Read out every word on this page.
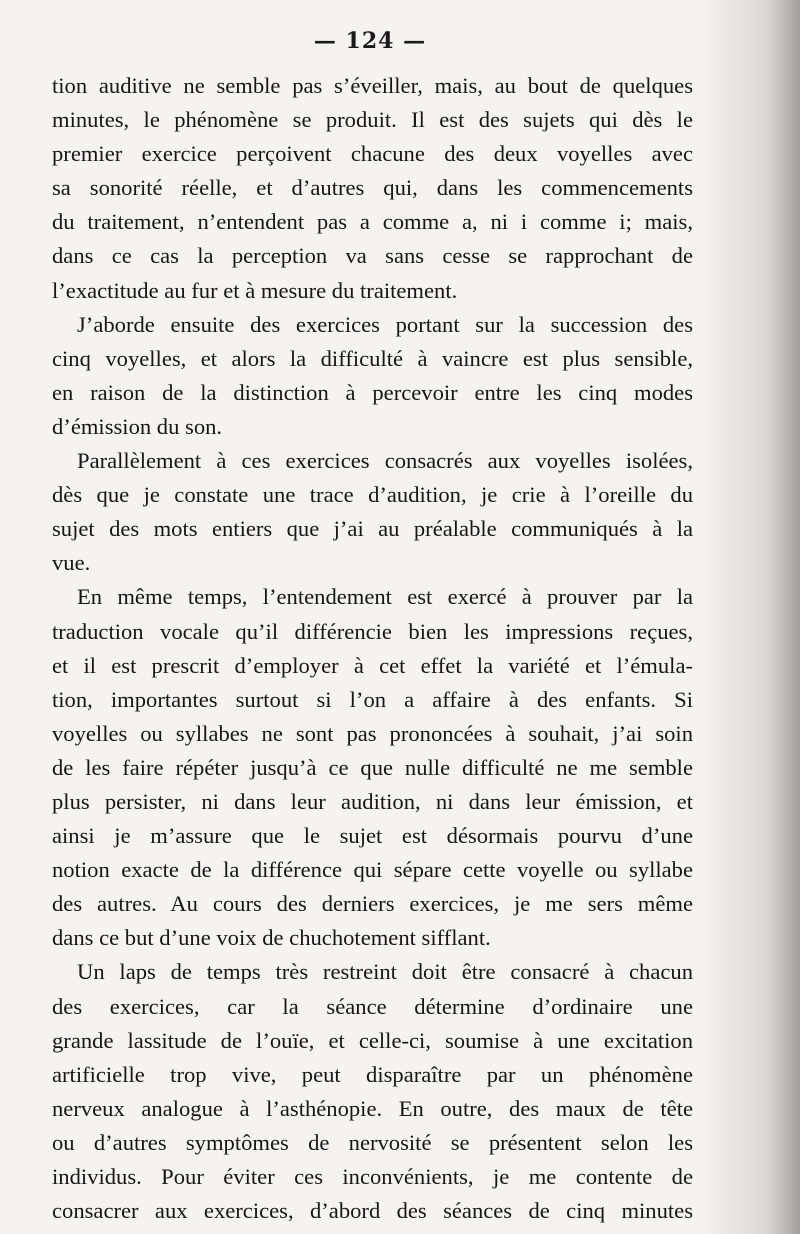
— 124 —

tion auditive ne semble pas s’éveiller, mais, au bout de quelques

minutes, le phénomène se produit. Il est des sujets qui dès le

premier exercice perçoivent chacune des deux voyelles avec

sa sonorité réelle, et d’autres qui, dans les commencements

du traitement, n’entendent pas a comme a, ni i comme i; mais,

dans ce cas la perception va sans cesse se rapprochant de

l’exactitude au fur et à mesure du traitement.

J’aborde ensuite des exercices portant sur la succession des

cinq voyelles, et alors la difficulté à vaincre est plus sensible,

en raison de la distinction à percevoir entre les cinq modes

d’émission du son.

Parallèlement à ces exercices consacrés aux voyelles isolées,

dès que je constate une trace d’audition, je crie à l’oreille du

sujet des mots entiers que j’ai au préalable communiqués à la

vue.

En même temps, l’entendement est exercé à prouver par la

traduction vocale qu’il différencie bien les impressions reçues,

et il est prescrit d’employer à cet effet la variété et l’émula-

tion, importantes surtout si l’on a affaire à des enfants. Si

voyelles ou syllabes ne sont pas prononcées à souhait, j’ai soin

de les faire répéter jusqu’à ce que nulle difficulté ne me semble

plus persister, ni dans leur audition, ni dans leur émission, et

ainsi je m’assure que le sujet est désormais pourvu d’une

notion exacte de la différence qui sépare cette voyelle ou syllabe

des autres. Au cours des derniers exercices, je me sers même

dans ce but d’une voix de chuchotement sifflant.

Un laps de temps très restreint doit être consacré à chacun

des exercices, car la séance détermine d’ordinaire une

grande lassitude de l’ouïe, et celle-ci, soumise à une excitation

artificielle trop vive, peut disparaître par un phénomène

nerveux analogue à l’asthénopie. En outre, des maux de tête

ou d’autres symptômes de nervosité se présentent selon les

individus. Pour éviter ces inconvénients, je me contente de

consacrer aux exercices, d’abord des séances de cinq minutes
